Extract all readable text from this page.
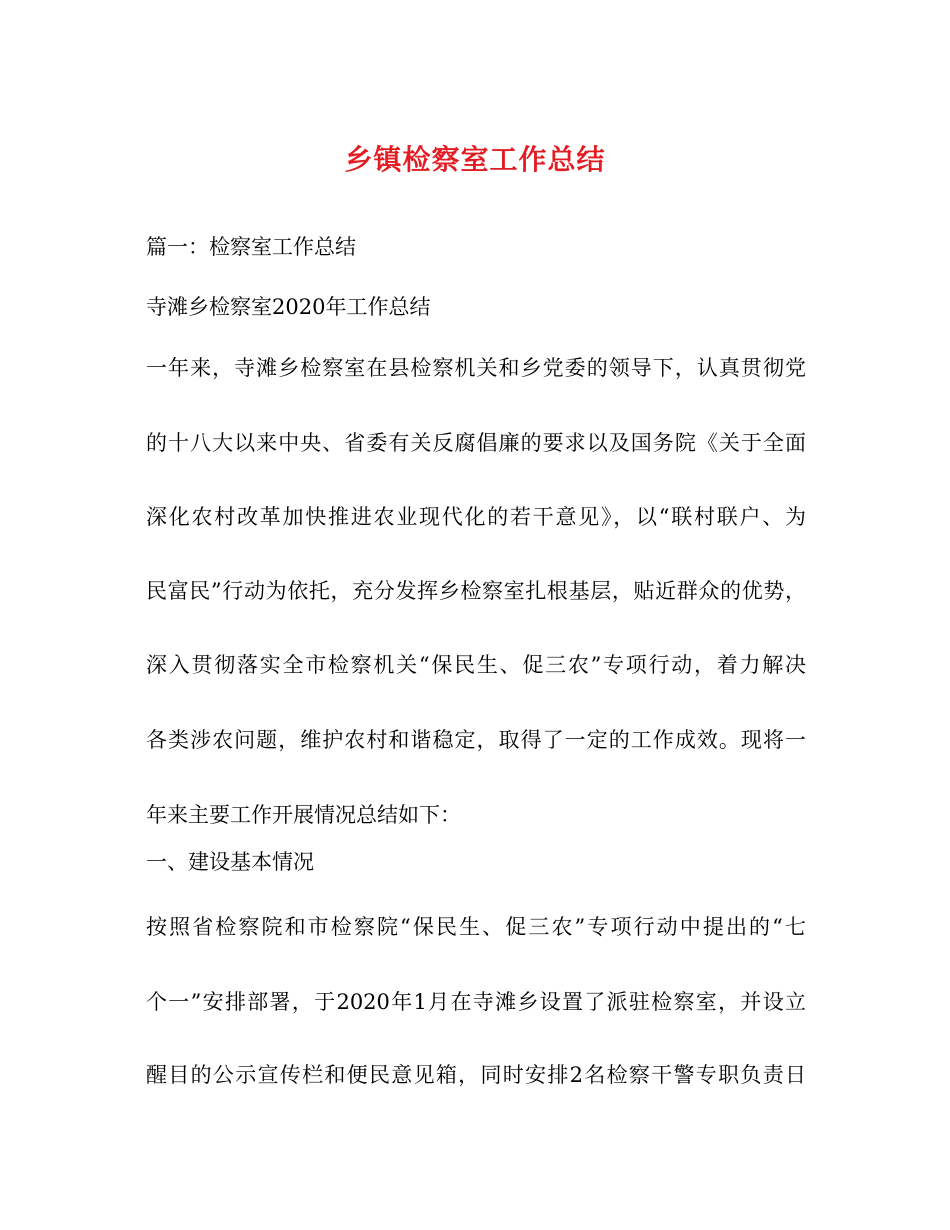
乡镇检察室工作总结
篇一：检察室工作总结
寺滩乡检察室2020年工作总结
一年来，寺滩乡检察室在县检察机关和乡党委的领导下，认真贯彻党
的十八大以来中央、省委有关反腐倡廉的要求以及国务院《关于全面
深化农村改革加快推进农业现代化的若干意见》，以“联村联户、为
民富民”行动为依托，充分发挥乡检察室扎根基层，贴近群众的优势，
深入贯彻落实全市检察机关“保民生、促三农”专项行动，着力解决
各类涉农问题，维护农村和谐稳定，取得了一定的工作成效。现将一
年来主要工作开展情况总结如下：
一、建设基本情况
按照省检察院和市检察院“保民生、促三农”专项行动中提出的“七
个一”安排部署，于2020年1月在寺滩乡设置了派驻检察室，并设立
醒目的公示宣传栏和便民意见箱，同时安排2名检察干警专职负责日
